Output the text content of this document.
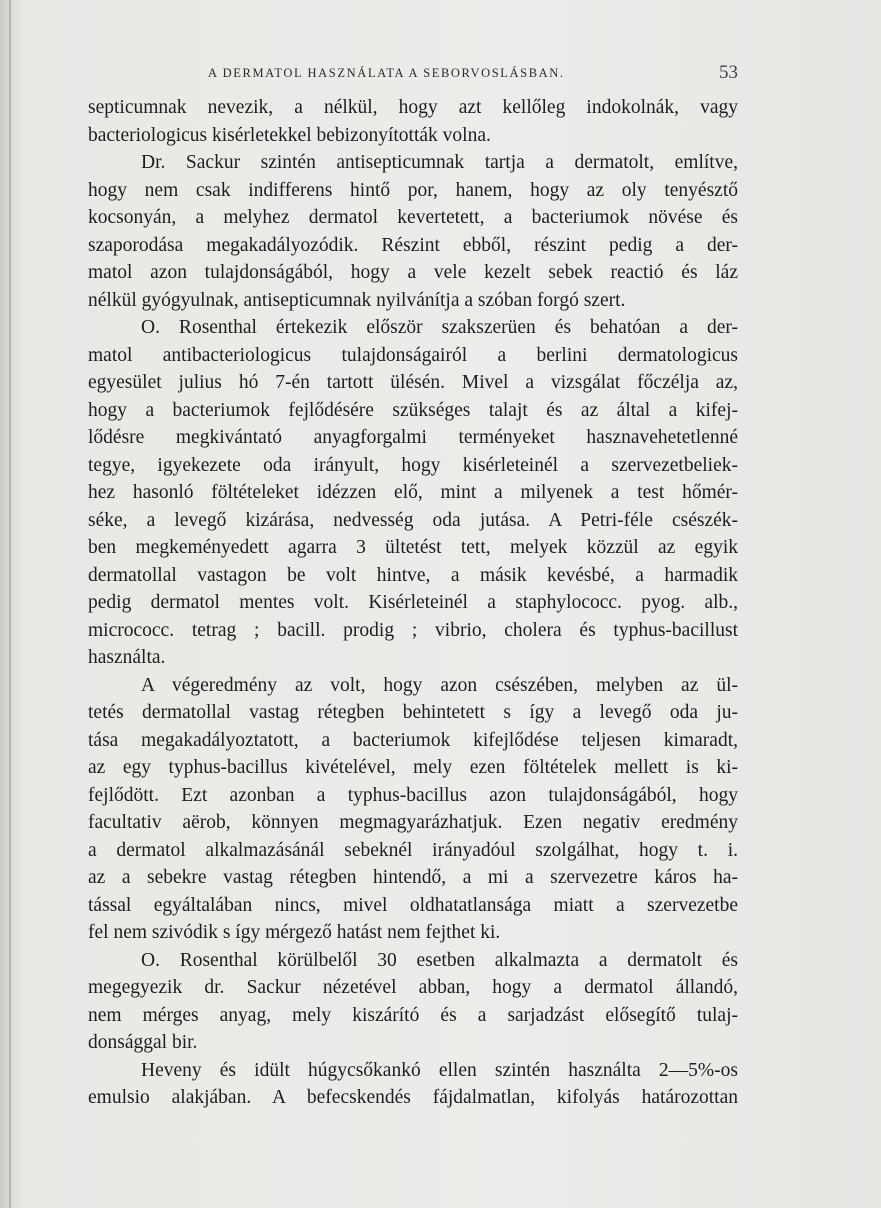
A DERMATOL HASZNÁLATA A SEBORVOSLÁSBAN.	53
septicumnak nevezik, a nélkül, hogy azt kellőleg indokolnák, vagy
bacteriologicus kisérletekkel bebizonyították volna.
Dr. Sackur szintén antisepticumnak tartja a dermatolt, említve,
hogy nem csak indifferens hintő por, hanem, hogy az oly tenyésztő
kocsonyán, a melyhez dermatol kevertetett, a bacteriumok növése és
szaporodása megakadályozódik. Részint ebből, részint pedig a der-
matol azon tulajdonságából, hogy a vele kezelt sebek reactió és láz
nélkül gyógyulnak, antisepticumnak nyilvánítja a szóban forgó szert.
O. Rosenthal értekezik először szakszerüen és behatóan a der-
matol antibacteriologicus tulajdonságairól a berlini dermatologicus
egyesület julius hó 7-én tartott ülésén. Mivel a vizsgálat főczélja az,
hogy a bacteriumok fejlődésére szükséges talajt és az által a kifej-
lődésre megkivántató anyagforgalmi terményeket hasznavehetetlenné
tegye, igyekezete oda irányult, hogy kisérleteinél a szervezetbeliek-
hez hasonló föltételeket idézzen elő, mint a milyenek a test hőmér-
séke, a levegő kizárása, nedvesség oda jutása. A Petri-féle csészék-
ben megkeményedett agarra 3 ültetést tett, melyek közzül az egyik
dermatollal vastagon be volt hintve, a másik kevésbé, a harmadik
pedig dermatol mentes volt. Kisérleteinél a staphylococc. pyog. alb.,
micrococc. tetrag ; bacill. prodig ; vibrio, cholera és typhus-bacillust
használta.
A végeredmény az volt, hogy azon csészében, melyben az ül-
tetés dermatollal vastag rétegben behintetett s így a levegő oda ju-
tása megakadályoztatott, a bacteriumok kifejlődése teljesen kimaradt,
az egy typhus-bacillus kivételével, mely ezen föltételek mellett is ki-
fejlődött. Ezt azonban a typhus-bacillus azon tulajdonságából, hogy
facultativ aërob, könnyen megmagyarázhatjuk. Ezen negativ eredmény
a dermatol alkalmazásánál sebeknél irányadóul szolgálhat, hogy t. i.
az a sebekre vastag rétegben hintendő, a mi a szervezetre káros ha-
tással egyáltalában nincs, mivel oldhatatlansága miatt a szervezetbe
fel nem szivódik s így mérgező hatást nem fejthet ki.
O. Rosenthal körülbelől 30 esetben alkalmazta a dermatolt és
megegyezik dr. Sackur nézetével abban, hogy a dermatol állandó,
nem mérges anyag, mely kiszárító és a sarjadzást elősegítő tulaj-
donsággal bir.
Heveny és idült húgycsőkankó ellen szintén használta 2—5%-os
emulsio alakjában. A befecskendés fájdalmatlan, kifolyás határozottan
